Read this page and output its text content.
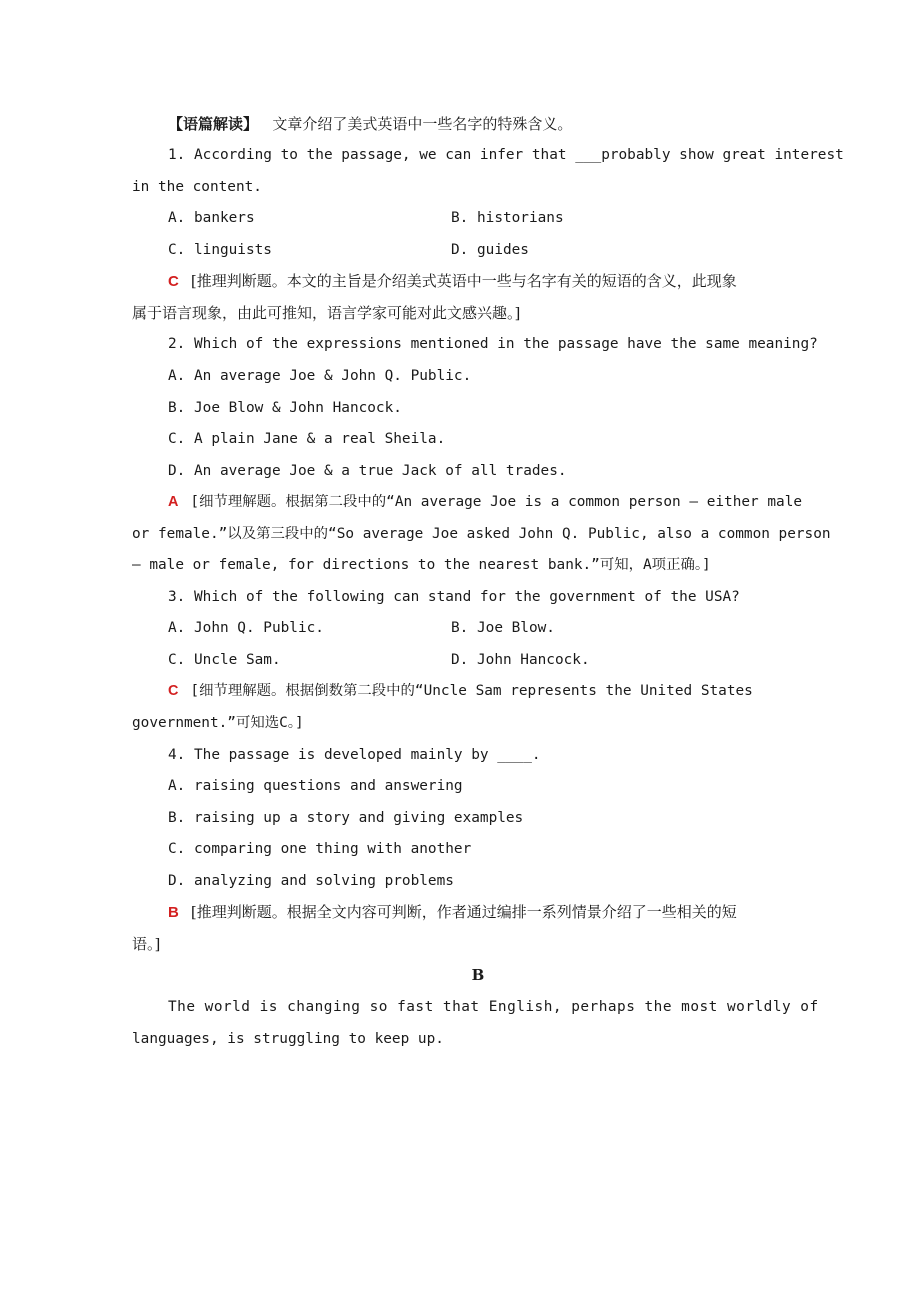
【语篇解读】 文章介绍了美式英语中一些名字的特殊含义。
1. According to the passage, we can infer that ___probably show great interest
in the content.
A. bankers	B. historians
C. linguists	D. guides
C [推理判断题。本文的主旨是介绍美式英语中一些与名字有关的短语的含义，此现象
属于语言现象，由此可推知，语言学家可能对此文感兴趣。]
2. Which of the expressions mentioned in the passage have the same meaning?
A. An average Joe & John Q. Public.
B. Joe Blow & John Hancock.
C. A plain Jane & a real Sheila.
D. An average Joe & a true Jack of all trades.
A [细节理解题。根据第二段中的“An average Joe is a common person — either male
or female.”以及第三段中的“So average Joe asked John Q. Public, also a common person
— male or female, for directions to the nearest bank.”可知，A项正确。]
3. Which of the following can stand for the government of the USA?
A. John Q. Public.	B. Joe Blow.
C. Uncle Sam.	D. John Hancock.
C [细节理解题。根据倒数第二段中的“Uncle Sam represents the United States
government.”可知选C。]
4. The passage is developed mainly by ____.
A. raising questions and answering
B. raising up a story and giving examples
C. comparing one thing with another
D. analyzing and solving problems
B [推理判断题。根据全文内容可判断，作者通过编排一系列情景介绍了一些相关的短
语。]
B
The world is changing so fast that English, perhaps the most worldly of
languages, is struggling to keep up.
